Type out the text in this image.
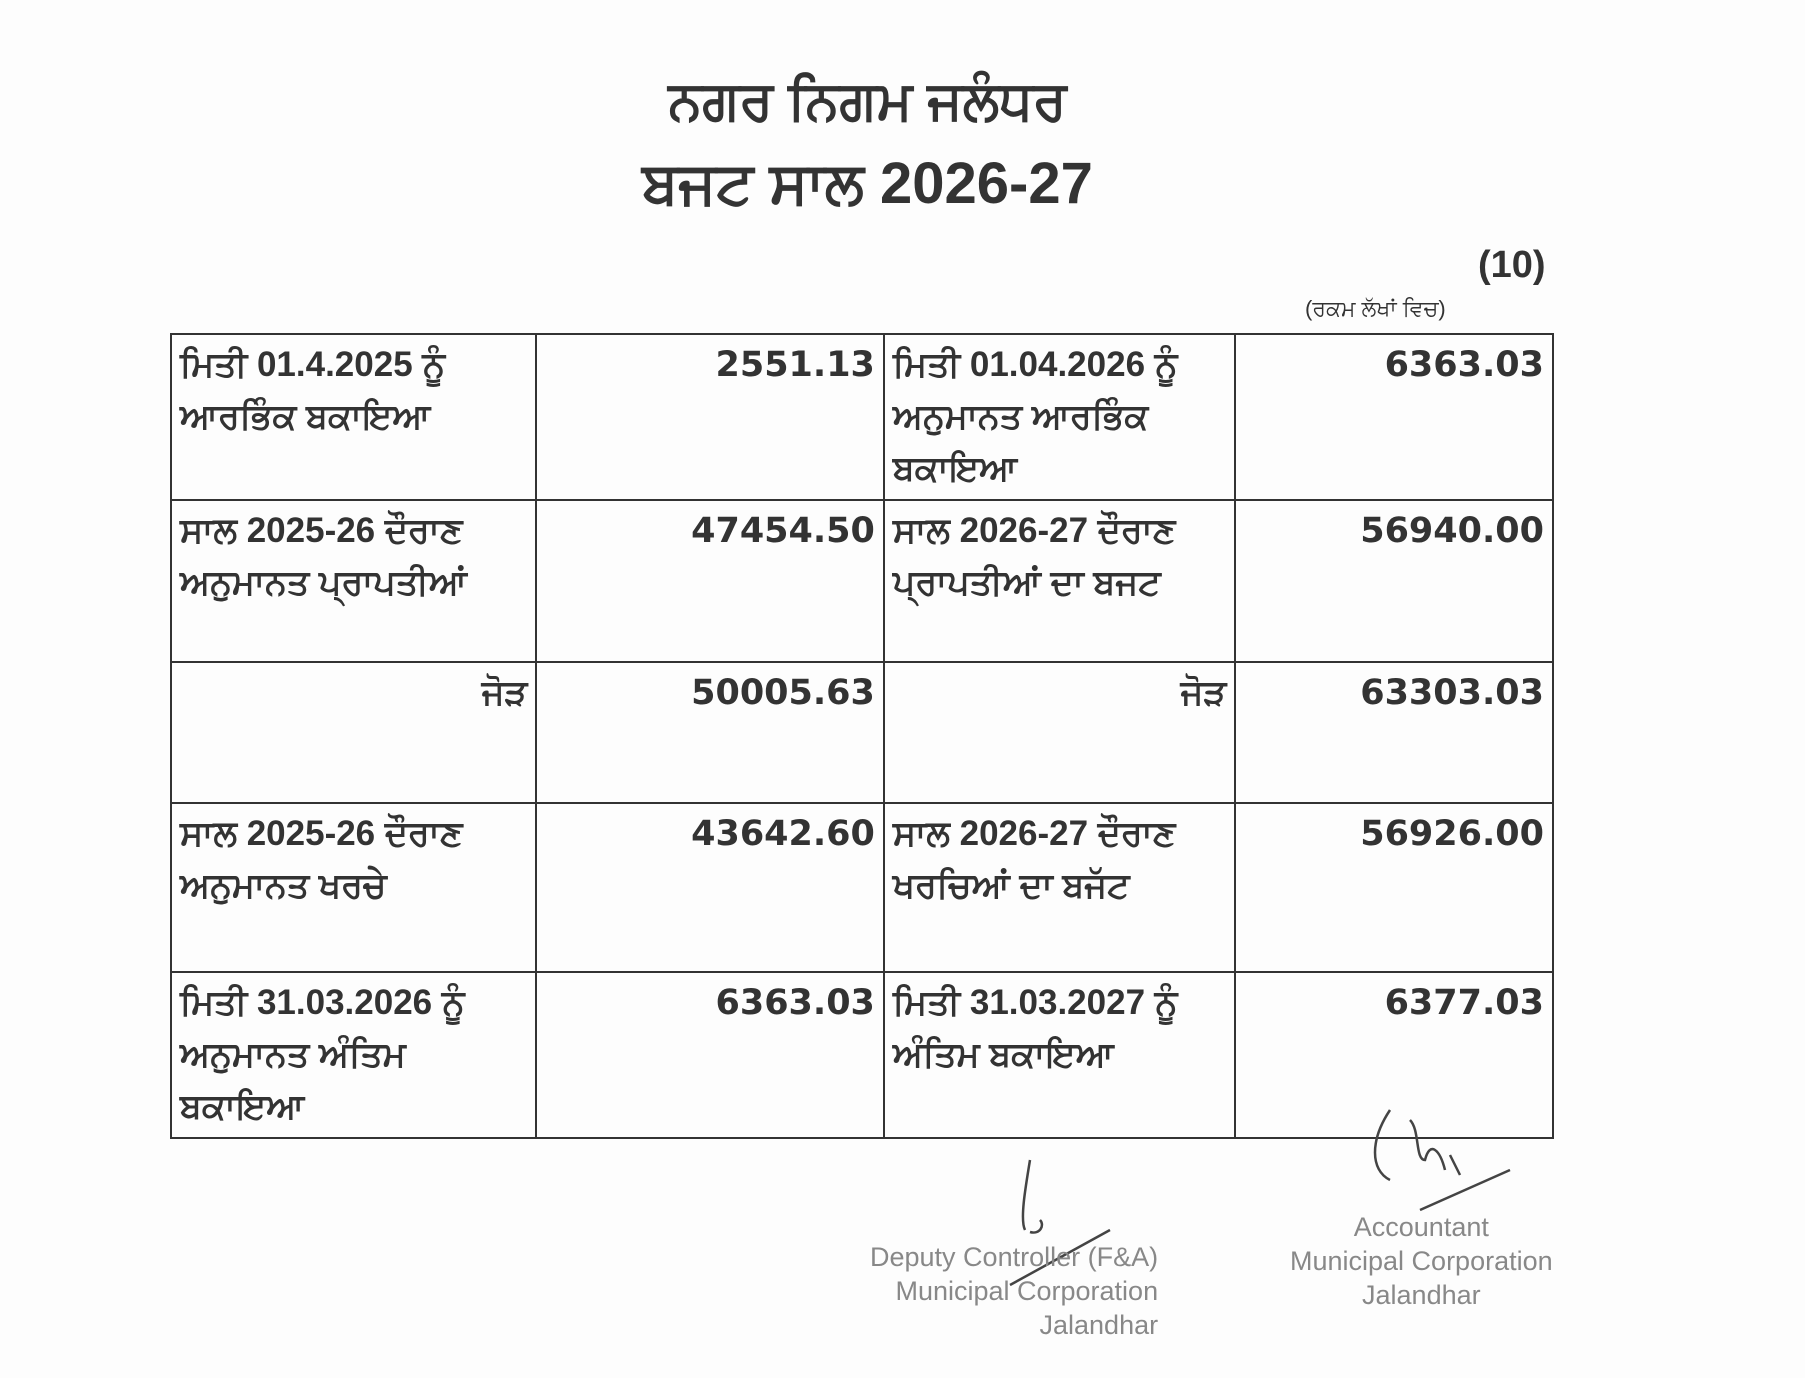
ਨਗਰ ਨਿਗਮ ਜਲੰਧਰ
ਬਜਟ ਸਾਲ 2026-27
(10)
(ਰਕਮ ਲੱਖਾਂ ਵਿਚ)
ਮਿਤੀ 01.4.2025 ਨੂੰ ਆਰਭਿੰਕ ਬਕਾਇਆ	2551.13	ਮਿਤੀ 01.04.2026 ਨੂੰ ਅਨੁਮਾਨਤ ਆਰਭਿੰਕ ਬਕਾਇਆ	6363.03
ਸਾਲ 2025-26 ਦੌਰਾਣ ਅਨੁਮਾਨਤ ਪ੍ਰਾਪਤੀਆਂ	47454.50	ਸਾਲ 2026-27 ਦੌਰਾਣ ਪ੍ਰਾਪਤੀਆਂ ਦਾ ਬਜਟ	56940.00
ਜੋੜ	50005.63	ਜੋੜ	63303.03
ਸਾਲ 2025-26 ਦੌਰਾਣ ਅਨੁਮਾਨਤ ਖਰਚੇ	43642.60	ਸਾਲ 2026-27 ਦੌਰਾਣ ਖਰਚਿਆਂ ਦਾ ਬਜੱਟ	56926.00
ਮਿਤੀ 31.03.2026 ਨੂੰ ਅਨੁਮਾਨਤ ਅੰਤਿਮ ਬਕਾਇਆ	6363.03	ਮਿਤੀ 31.03.2027 ਨੂੰ ਅੰਤਿਮ ਬਕਾਇਆ	6377.03
Deputy Controller (F&A)
Municipal Corporation
Jalandhar
Accountant
Municipal Corporation
Jalandhar
